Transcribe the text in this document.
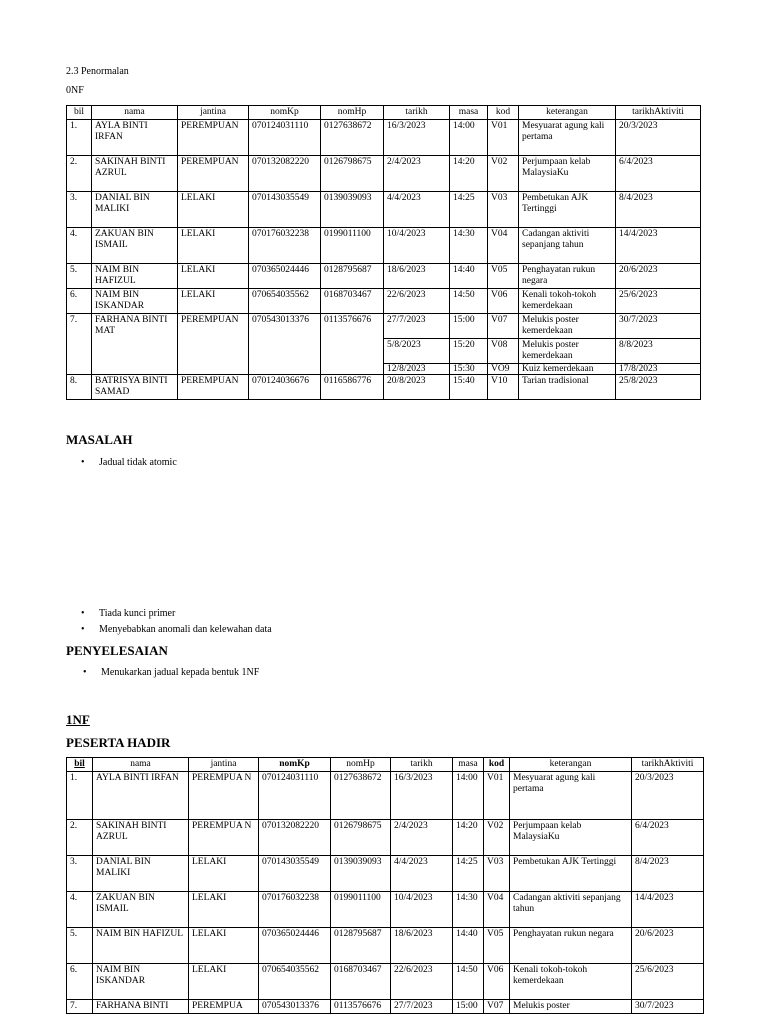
2.3 Penormalan
0NF
bil	nama	jantina	nomKp	nomHp	tarikh	masa	kod	keterangan	tarikhAktiviti
1.	AYLA BINTI IRFAN	PEREMPUAN	070124031110	0127638672	16/3/2023	14:00	V01	Mesyuarat agung kali pertama	20/3/2023
2.	SAKINAH BINTI AZRUL	PEREMPUAN	070132082220	0126798675	2/4/2023	14:20	V02	Perjumpaan kelab MalaysiaKu	6/4/2023
3.	DANIAL BIN MALIKI	LELAKI	070143035549	0139039093	4/4/2023	14:25	V03	Pembetukan AJK Tertinggi	8/4/2023
4.	ZAKUAN BIN ISMAIL	LELAKI	070176032238	0199011100	10/4/2023	14:30	V04	Cadangan aktiviti sepanjang tahun	14/4/2023
5.	NAIM BIN HAFIZUL	LELAKI	070365024446	0128795687	18/6/2023	14:40	V05	Penghayatan rukun negara	20/6/2023
6.	NAIM BIN ISKANDAR	LELAKI	070654035562	0168703467	22/6/2023	14:50	V06	Kenali tokoh-tokoh kemerdekaan	25/6/2023
7.	FARHANA BINTI MAT	PEREMPUAN	070543013376	0113576676	27/7/2023	15:00	V07	Melukis poster kemerdekaan	30/7/2023
					5/8/2023	15:20	V08	Melukis poster kemerdekaan	8/8/2023
					12/8/2023	15:30	VO9	Kuiz kemerdekaan	17/8/2023
8.	BATRISYA BINTI SAMAD	PEREMPUAN	070124036676	0116586776	20/8/2023	15:40	V10	Tarian tradisional	25/8/2023
MASALAH
• Jadual tidak atomic
• Tiada kunci primer
• Menyebabkan anomali dan kelewahan data
PENYELESAIAN
• Menukarkan jadual kepada bentuk 1NF
1NF
PESERTA HADIR
bil	nama	jantina	nomKp	nomHp	tarikh	masa	kod	keterangan	tarikhAktiviti
1.	AYLA BINTI IRFAN	PEREMPUA N	070124031110	0127638672	16/3/2023	14:00	V01	Mesyuarat agung kali pertama	20/3/2023
2.	SAKINAH BINTI AZRUL	PEREMPUA N	070132082220	0126798675	2/4/2023	14:20	V02	Perjumpaan kelab MalaysiaKu	6/4/2023
3.	DANIAL BIN MALIKI	LELAKI	070143035549	0139039093	4/4/2023	14:25	V03	Pembetukan AJK Tertinggi	8/4/2023
4.	ZAKUAN BIN ISMAIL	LELAKI	070176032238	0199011100	10/4/2023	14:30	V04	Cadangan aktiviti sepanjang tahun	14/4/2023
5.	NAIM BIN HAFIZUL	LELAKI	070365024446	0128795687	18/6/2023	14:40	V05	Penghayatan rukun negara	20/6/2023
6.	NAIM BIN ISKANDAR	LELAKI	070654035562	0168703467	22/6/2023	14:50	V06	Kenali tokoh-tokoh kemerdekaan	25/6/2023
7.	FARHANA BINTI	PEREMPUA	070543013376	0113576676	27/7/2023	15:00	V07	Melukis poster	30/7/2023
